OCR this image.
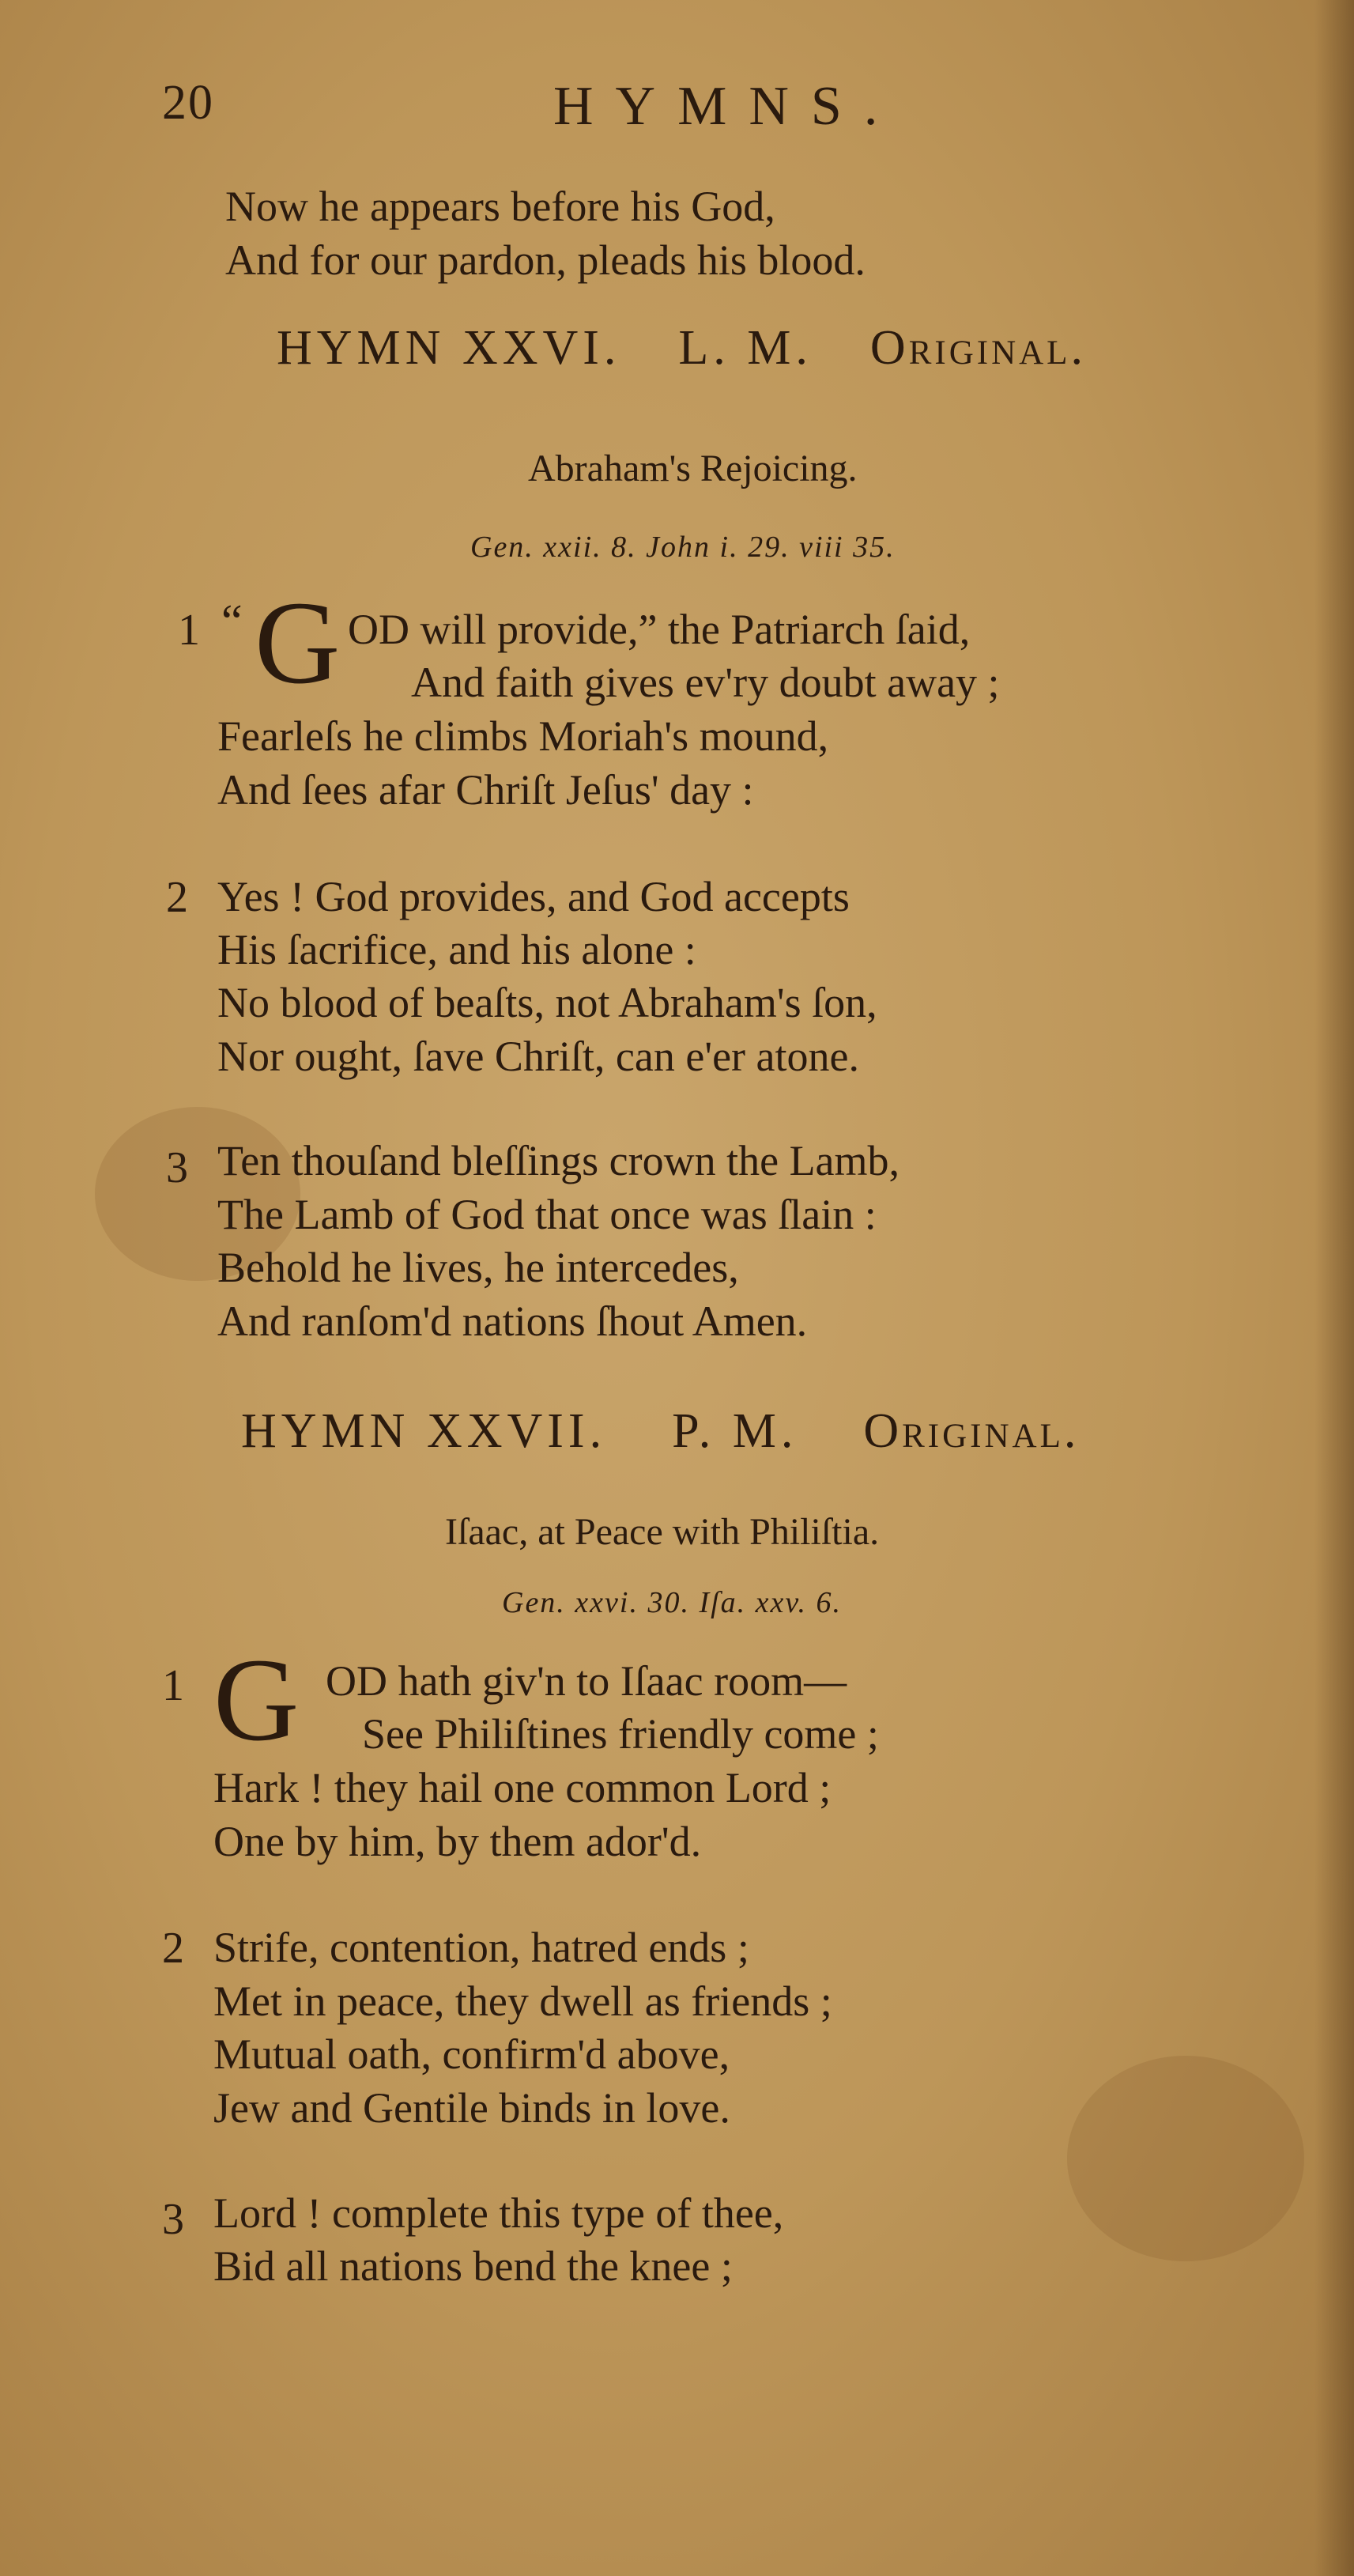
20	HYMNS.
Now he appears before his God,
And for our pardon, pleads his blood.
HYMN XXVI. L. M. Original.
Abraham's Rejoicing.
Gen. xxii. 8. John i. 29. viii 35.
1 “ G OD will provide,” the Patriarch ſaid,
And faith gives ev'ry doubt away ;
Fearleſs he climbs Moriah's mound,
And ſees afar Chriſt Jeſus' day :
2 Yes ! God provides, and God accepts
His ſacrifice, and his alone :
No blood of beaſts, not Abraham's ſon,
Nor ought, ſave Chriſt, can e'er atone.
3 Ten thouſand bleſſings crown the Lamb,
The Lamb of God that once was ſlain :
Behold he lives, he intercedes,
And ranſom'd nations ſhout Amen.
HYMN XXVII. P. M. Original.
Iſaac, at Peace with Philiſtia.
Gen. xxvi. 30. Iſa. xxv. 6.
1 G OD hath giv'n to Iſaac room—
See Philiſtines friendly come ;
Hark ! they hail one common Lord ;
One by him, by them ador'd.
2 Strife, contention, hatred ends ;
Met in peace, they dwell as friends ;
Mutual oath, confirm'd above,
Jew and Gentile binds in love.
3 Lord ! complete this type of thee,
Bid all nations bend the knee ;
